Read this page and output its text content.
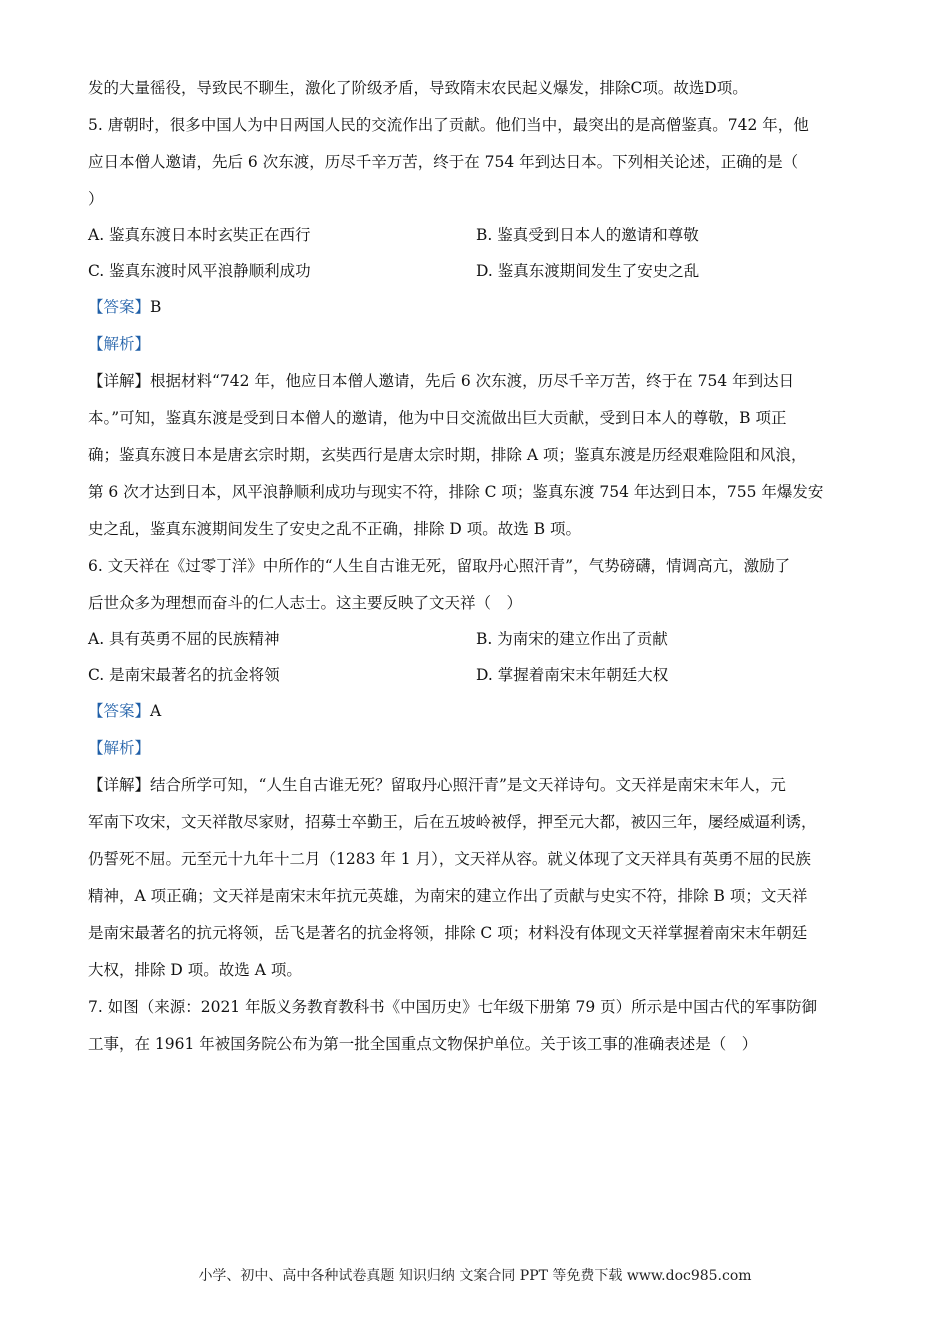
发的大量徭役，导致民不聊生，激化了阶级矛盾，导致隋末农民起义爆发，排除C项。故选D项。
5. 唐朝时，很多中国人为中日两国人民的交流作出了贡献。他们当中，最突出的是高僧鉴真。742 年，他
应日本僧人邀请，先后 6 次东渡，历尽千辛万苦，终于在 754 年到达日本。下列相关论述，正确的是（
）
A. 鉴真东渡日本时玄奘正在西行	B. 鉴真受到日本人的邀请和尊敬
C. 鉴真东渡时风平浪静顺利成功	D. 鉴真东渡期间发生了安史之乱
【答案】B
【解析】
【详解】根据材料“742 年，他应日本僧人邀请，先后 6 次东渡，历尽千辛万苦，终于在 754 年到达日
本。”可知，鉴真东渡是受到日本僧人的邀请，他为中日交流做出巨大贡献，受到日本人的尊敬，B 项正
确；鉴真东渡日本是唐玄宗时期，玄奘西行是唐太宗时期，排除 A 项；鉴真东渡是历经艰难险阻和风浪，
第 6 次才达到日本，风平浪静顺利成功与现实不符，排除 C 项；鉴真东渡 754 年达到日本，755 年爆发安
史之乱，鉴真东渡期间发生了安史之乱不正确，排除 D 项。故选 B 项。
6. 文天祥在《过零丁洋》中所作的“人生自古谁无死，留取丹心照汗青”，气势磅礴，情调高亢，激励了
后世众多为理想而奋斗的仁人志士。这主要反映了文天祥（　）
A. 具有英勇不屈的民族精神	B. 为南宋的建立作出了贡献
C. 是南宋最著名的抗金将领	D. 掌握着南宋末年朝廷大权
【答案】A
【解析】
【详解】结合所学可知，“人生自古谁无死？留取丹心照汗青”是文天祥诗句。文天祥是南宋末年人，元
军南下攻宋，文天祥散尽家财，招募士卒勤王，后在五坡岭被俘，押至元大都，被囚三年，屡经威逼利诱，
仍誓死不屈。元至元十九年十二月（1283 年 1 月），文天祥从容。就义体现了文天祥具有英勇不屈的民族
精神，A 项正确；文天祥是南宋末年抗元英雄，为南宋的建立作出了贡献与史实不符，排除 B 项；文天祥
是南宋最著名的抗元将领，岳飞是著名的抗金将领，排除 C 项；材料没有体现文天祥掌握着南宋末年朝廷
大权，排除 D 项。故选 A 项。
7. 如图（来源：2021 年版义务教育教科书《中国历史》七年级下册第 79 页）所示是中国古代的军事防御
工事，在 1961 年被国务院公布为第一批全国重点文物保护单位。关于该工事的准确表述是（　）
小学、初中、高中各种试卷真题 知识归纳 文案合同 PPT 等免费下载 www.doc985.com
